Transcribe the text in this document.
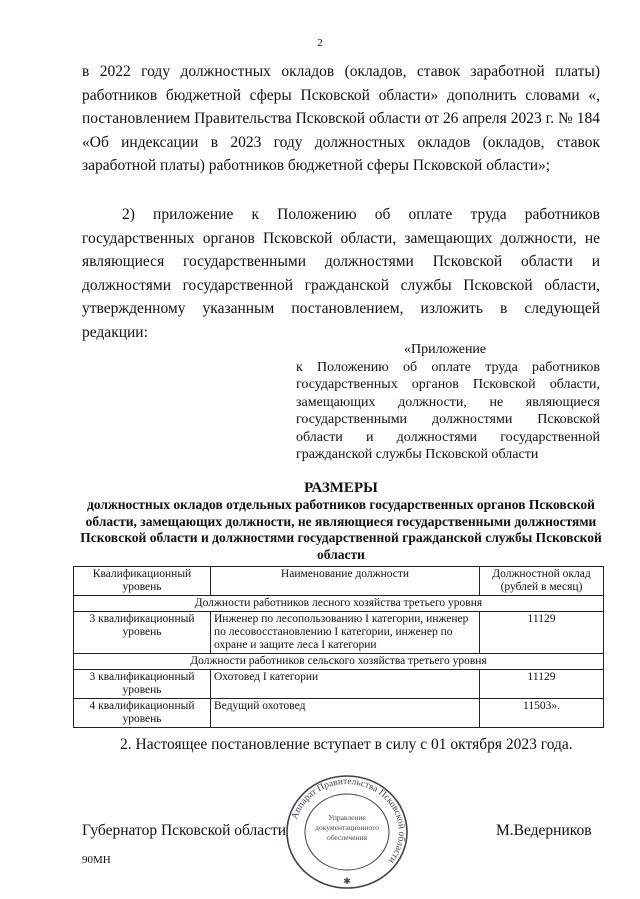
2

в 2022 году должностных окладов (окладов, ставок заработной платы) работников бюджетной сферы Псковской области» дополнить словами «, постановлением Правительства Псковской области от 26 апреля 2023 г. № 184 «Об индексации в 2023 году должностных окладов (окладов, ставок заработной платы) работников бюджетной сферы Псковской области»;

2) приложение к Положению об оплате труда работников государственных органов Псковской области, замещающих должности, не являющиеся государственными должностями Псковской области и должностями государственной гражданской службы Псковской области, утвержденному указанным постановлением, изложить в следующей редакции:

«Приложение
к Положению об оплате труда работников государственных органов Псковской области, замещающих должности, не являющиеся государственными должностями Псковской области и должностями государственной гражданской службы Псковской области
РАЗМЕРЫ
должностных окладов отдельных работников государственных органов Псковской области, замещающих должности, не являющиеся государственными должностями Псковской области и должностями государственной гражданской службы Псковской области
Квалификационный уровень	Наименование должности	Должностной оклад (рублей в месяц)
Должности работников лесного хозяйства третьего уровня		
3 квалификационный уровень	Инженер по лесопользованию I категории, инженер по лесовосстановлению I категории, инженер по охране и защите леса I категории	11129
Должности работников сельского хозяйства третьего уровня		
3 квалификационный уровень	Охотовед I категории	11129
4 квалификационный уровень	Ведущий охотовед	11503».
2. Настоящее постановление вступает в силу с 01 октября 2023 года.
Губернатор Псковской области	М.Ведерников
90МН
Аппарат Правительства Псковской области
Управление
документационного
обеспечения
✱
